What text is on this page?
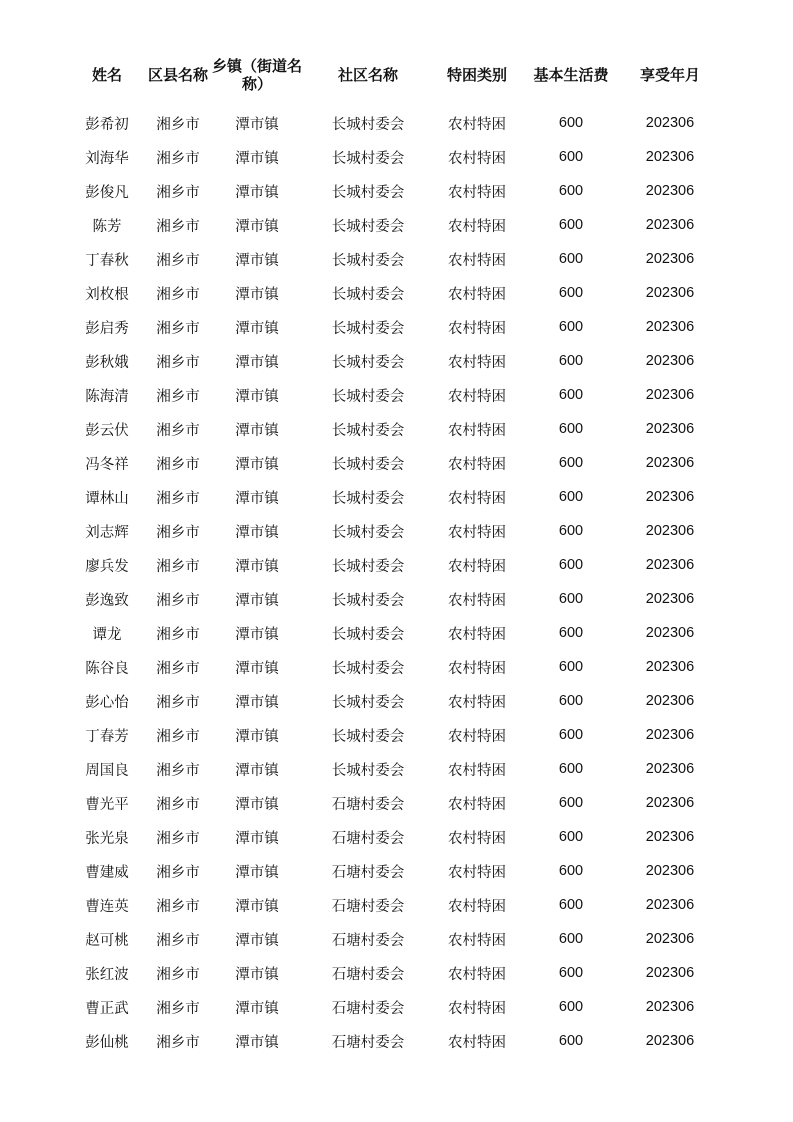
姓名	区县名称	乡镇（街道名称）	社区名称	特困类别	基本生活费	享受年月

彭希初	湘乡市	潭市镇	长城村委会	农村特困	600	202306
刘海华	湘乡市	潭市镇	长城村委会	农村特困	600	202306
彭俊凡	湘乡市	潭市镇	长城村委会	农村特困	600	202306
陈芳	湘乡市	潭市镇	长城村委会	农村特困	600	202306
丁春秋	湘乡市	潭市镇	长城村委会	农村特困	600	202306
刘枚根	湘乡市	潭市镇	长城村委会	农村特困	600	202306
彭启秀	湘乡市	潭市镇	长城村委会	农村特困	600	202306
彭秋娥	湘乡市	潭市镇	长城村委会	农村特困	600	202306
陈海清	湘乡市	潭市镇	长城村委会	农村特困	600	202306
彭云伏	湘乡市	潭市镇	长城村委会	农村特困	600	202306
冯冬祥	湘乡市	潭市镇	长城村委会	农村特困	600	202306
谭林山	湘乡市	潭市镇	长城村委会	农村特困	600	202306
刘志辉	湘乡市	潭市镇	长城村委会	农村特困	600	202306
廖兵发	湘乡市	潭市镇	长城村委会	农村特困	600	202306
彭逸致	湘乡市	潭市镇	长城村委会	农村特困	600	202306
谭龙	湘乡市	潭市镇	长城村委会	农村特困	600	202306
陈谷良	湘乡市	潭市镇	长城村委会	农村特困	600	202306
彭心怡	湘乡市	潭市镇	长城村委会	农村特困	600	202306
丁春芳	湘乡市	潭市镇	长城村委会	农村特困	600	202306
周国良	湘乡市	潭市镇	长城村委会	农村特困	600	202306
曹光平	湘乡市	潭市镇	石塘村委会	农村特困	600	202306
张光泉	湘乡市	潭市镇	石塘村委会	农村特困	600	202306
曹建威	湘乡市	潭市镇	石塘村委会	农村特困	600	202306
曹连英	湘乡市	潭市镇	石塘村委会	农村特困	600	202306
赵可桃	湘乡市	潭市镇	石塘村委会	农村特困	600	202306
张红波	湘乡市	潭市镇	石塘村委会	农村特困	600	202306
曹正武	湘乡市	潭市镇	石塘村委会	农村特困	600	202306
彭仙桃	湘乡市	潭市镇	石塘村委会	农村特困	600	202306
